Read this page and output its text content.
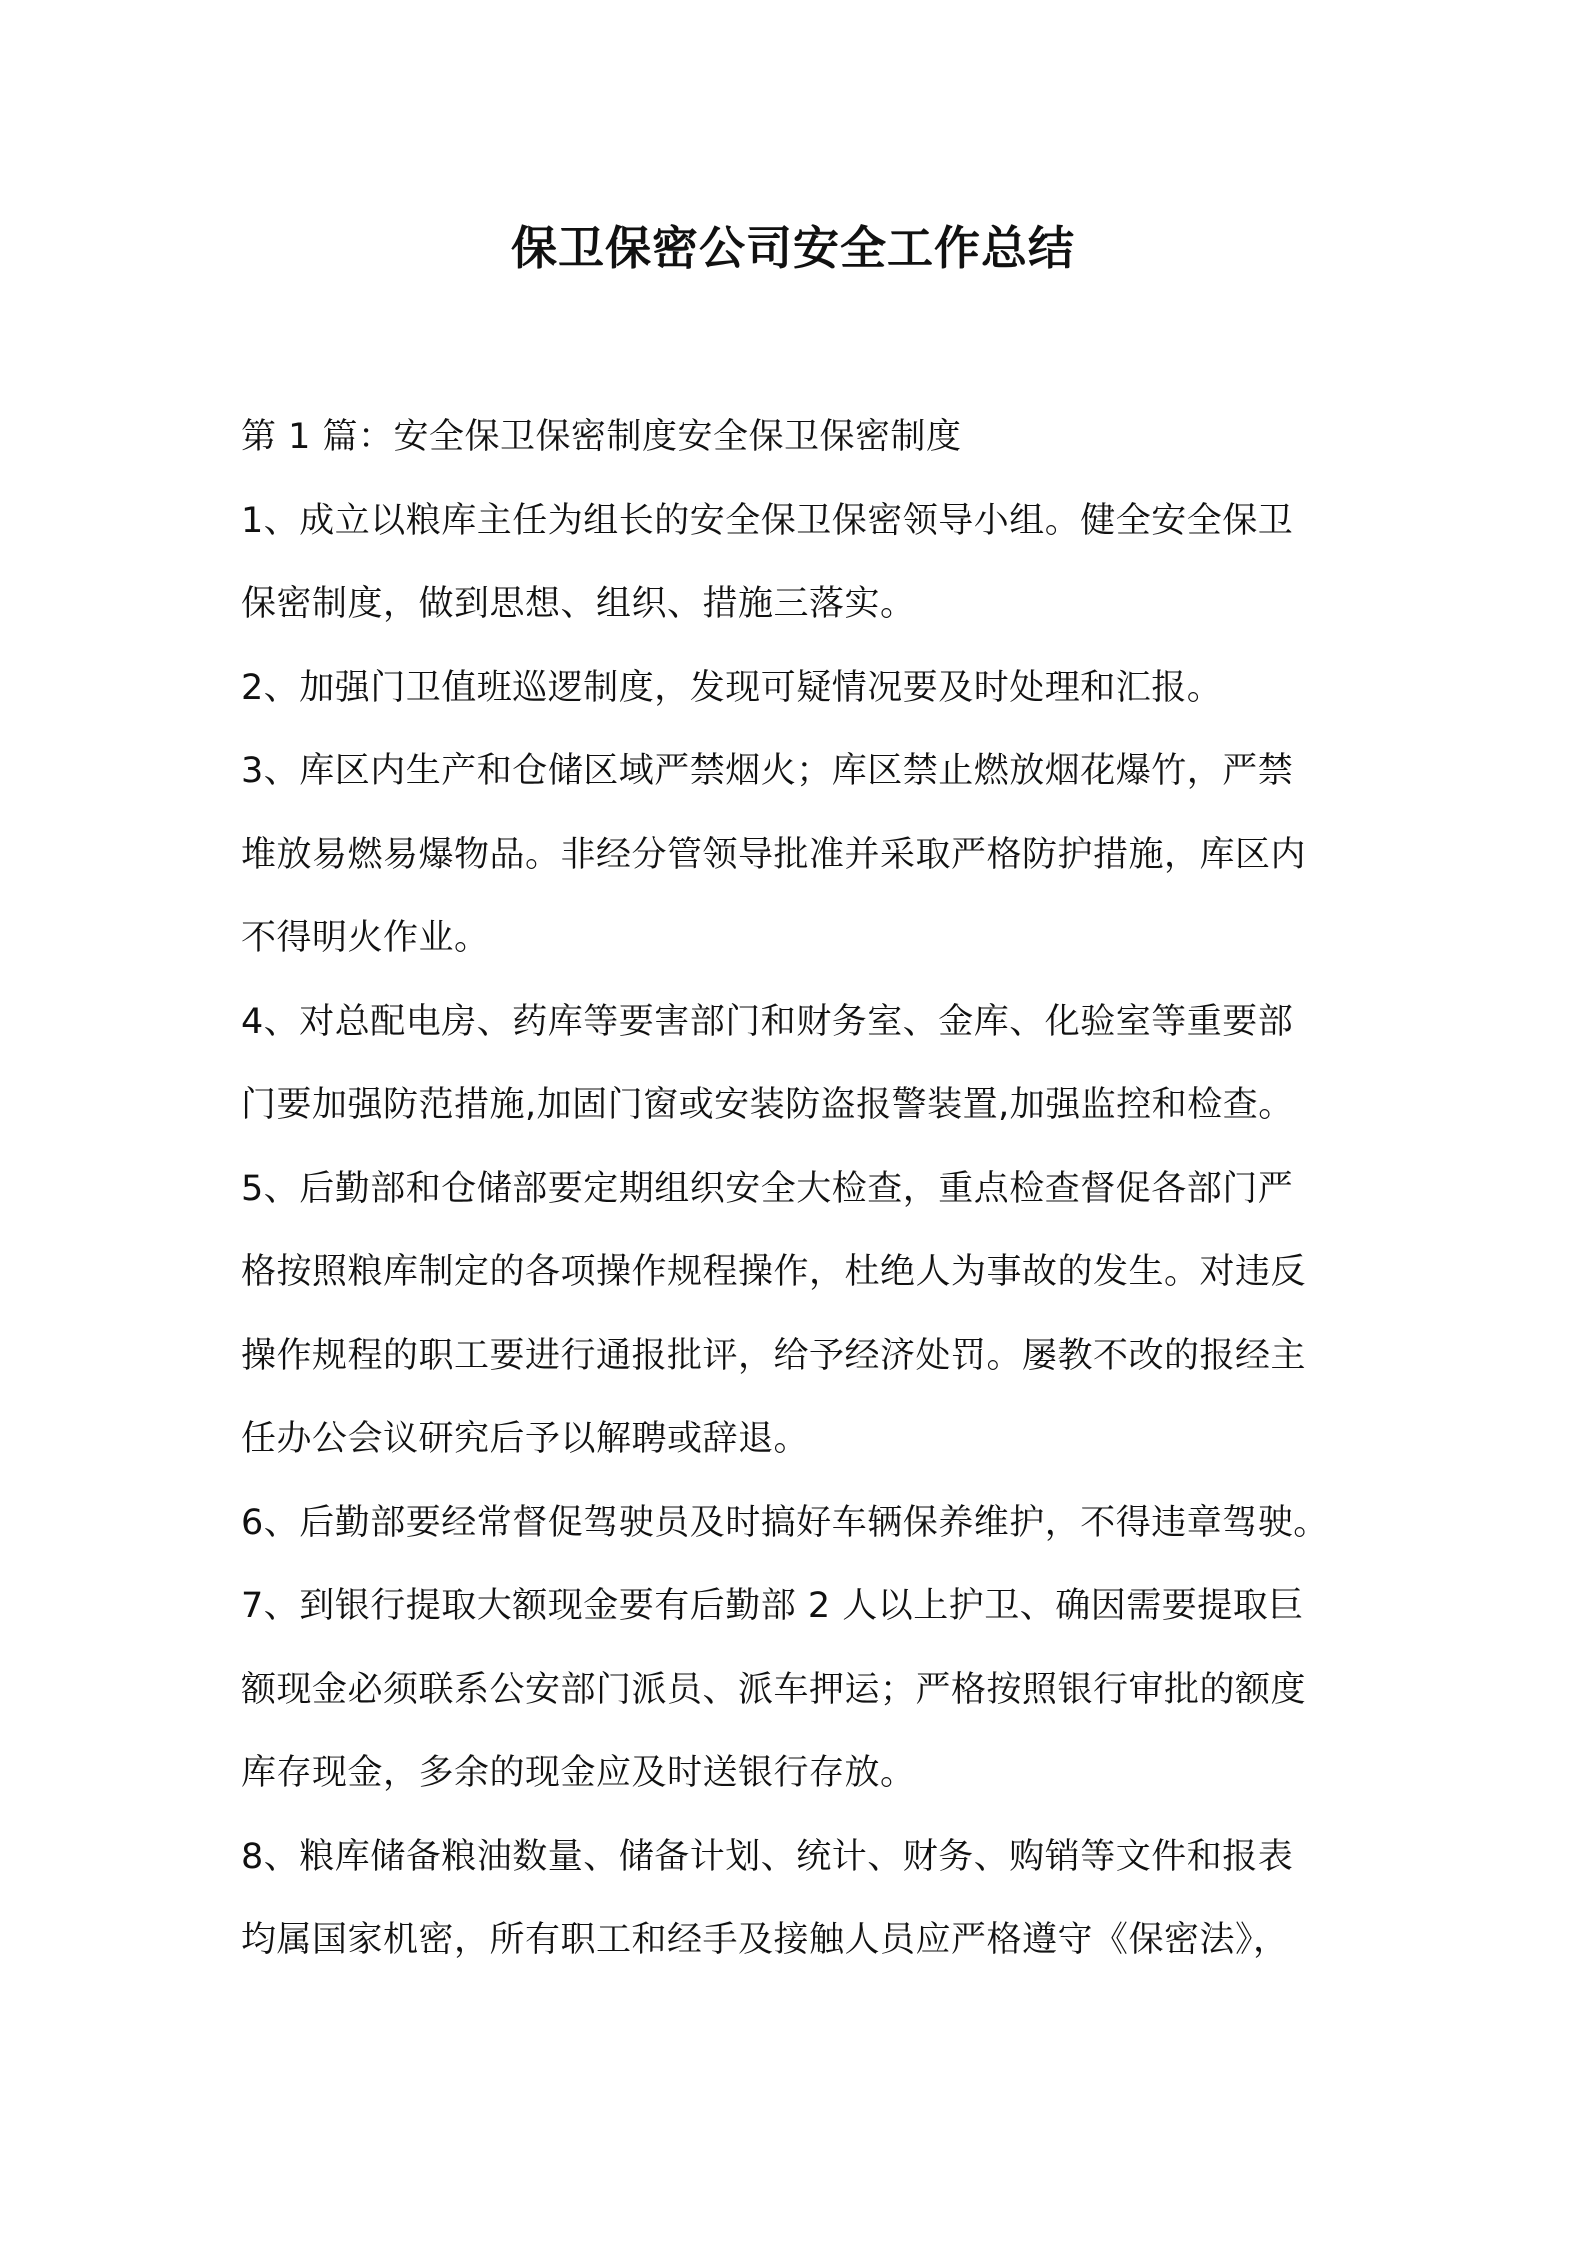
保卫保密公司安全工作总结
第 1 篇：安全保卫保密制度安全保卫保密制度
1、成立以粮库主任为组长的安全保卫保密领导小组。健全安全保卫
保密制度，做到思想、组织、措施三落实。
2、加强门卫值班巡逻制度，发现可疑情况要及时处理和汇报。
3、库区内生产和仓储区域严禁烟火；库区禁止燃放烟花爆竹，严禁
堆放易燃易爆物品。非经分管领导批准并采取严格防护措施，库区内
不得明火作业。
4、对总配电房、药库等要害部门和财务室、金库、化验室等重要部
门要加强防范措施,加固门窗或安装防盗报警装置,加强监控和检查。
5、后勤部和仓储部要定期组织安全大检查，重点检查督促各部门严
格按照粮库制定的各项操作规程操作，杜绝人为事故的发生。对违反
操作规程的职工要进行通报批评，给予经济处罚。屡教不改的报经主
任办公会议研究后予以解聘或辞退。
6、后勤部要经常督促驾驶员及时搞好车辆保养维护，不得违章驾驶。
7、到银行提取大额现金要有后勤部 2 人以上护卫、确因需要提取巨
额现金必须联系公安部门派员、派车押运；严格按照银行审批的额度
库存现金，多余的现金应及时送银行存放。
8、粮库储备粮油数量、储备计划、统计、财务、购销等文件和报表
均属国家机密，所有职工和经手及接触人员应严格遵守《保密法》，
